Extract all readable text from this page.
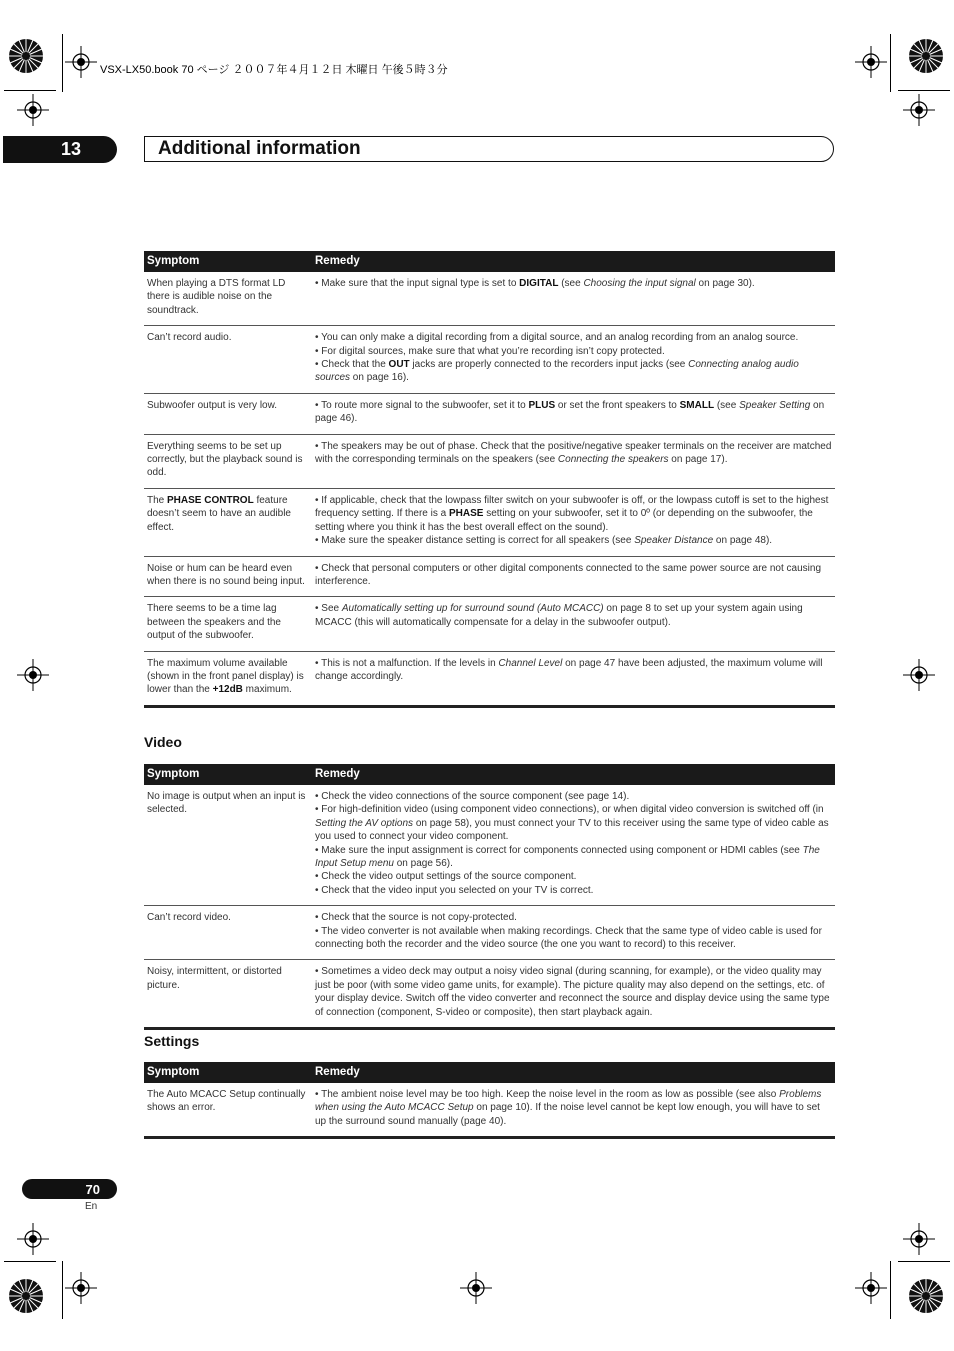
VSX-LX50.book 70 ページ ２００７年４月１２日 木曜日 午後５時３分
13	Additional information
Symptom	Remedy
When playing a DTS format LD there is audible noise on the soundtrack.	• Make sure that the input signal type is set to DIGITAL (see Choosing the input signal on page 30).
Can’t record audio.	• You can only make a digital recording from a digital source, and an analog recording from an analog source.
• For digital sources, make sure that what you’re recording isn’t copy protected.
• Check that the OUT jacks are properly connected to the recorders input jacks (see Connecting analog audio sources on page 16).
Subwoofer output is very low.	• To route more signal to the subwoofer, set it to PLUS or set the front speakers to SMALL (see Speaker Setting on page 46).
Everything seems to be set up correctly, but the playback sound is odd.	• The speakers may be out of phase. Check that the positive/negative speaker terminals on the receiver are matched with the corresponding terminals on the speakers (see Connecting the speakers on page 17).
The PHASE CONTROL feature doesn’t seem to have an audible effect.	• If applicable, check that the lowpass filter switch on your subwoofer is off, or the lowpass cutoff is set to the highest frequency setting. If there is a PHASE setting on your subwoofer, set it to 0º (or depending on the subwoofer, the setting where you think it has the best overall effect on the sound).
• Make sure the speaker distance setting is correct for all speakers (see Speaker Distance on page 48).
Noise or hum can be heard even when there is no sound being input.	• Check that personal computers or other digital components connected to the same power source are not causing interference.
There seems to be a time lag between the speakers and the output of the subwoofer.	• See Automatically setting up for surround sound (Auto MCACC) on page 8 to set up your system again using MCACC (this will automatically compensate for a delay in the subwoofer output).
The maximum volume available (shown in the front panel display) is lower than the +12dB maximum.	• This is not a malfunction. If the levels in Channel Level on page 47 have been adjusted, the maximum volume will change accordingly.
Video
Symptom	Remedy
No image is output when an input is selected.	• Check the video connections of the source component (see page 14).
• For high-definition video (using component video connections), or when digital video conversion is switched off (in Setting the AV options on page 58), you must connect your TV to this receiver using the same type of video cable as you used to connect your video component.
• Make sure the input assignment is correct for components connected using component or HDMI cables (see The Input Setup menu on page 56).
• Check the video output settings of the source component.
• Check that the video input you selected on your TV is correct.
Can’t record video.	• Check that the source is not copy-protected.
• The video converter is not available when making recordings. Check that the same type of video cable is used for connecting both the recorder and the video source (the one you want to record) to this receiver.
Noisy, intermittent, or distorted picture.	• Sometimes a video deck may output a noisy video signal (during scanning, for example), or the video quality may just be poor (with some video game units, for example). The picture quality may also depend on the settings, etc. of your display device. Switch off the video converter and reconnect the source and display device using the same type of connection (component, S-video or composite), then start playback again.
Settings
Symptom	Remedy
The Auto MCACC Setup continually shows an error.	• The ambient noise level may be too high. Keep the noise level in the room as low as possible (see also Problems when using the Auto MCACC Setup on page 10). If the noise level cannot be kept low enough, you will have to set up the surround sound manually (page 40).
70
En
